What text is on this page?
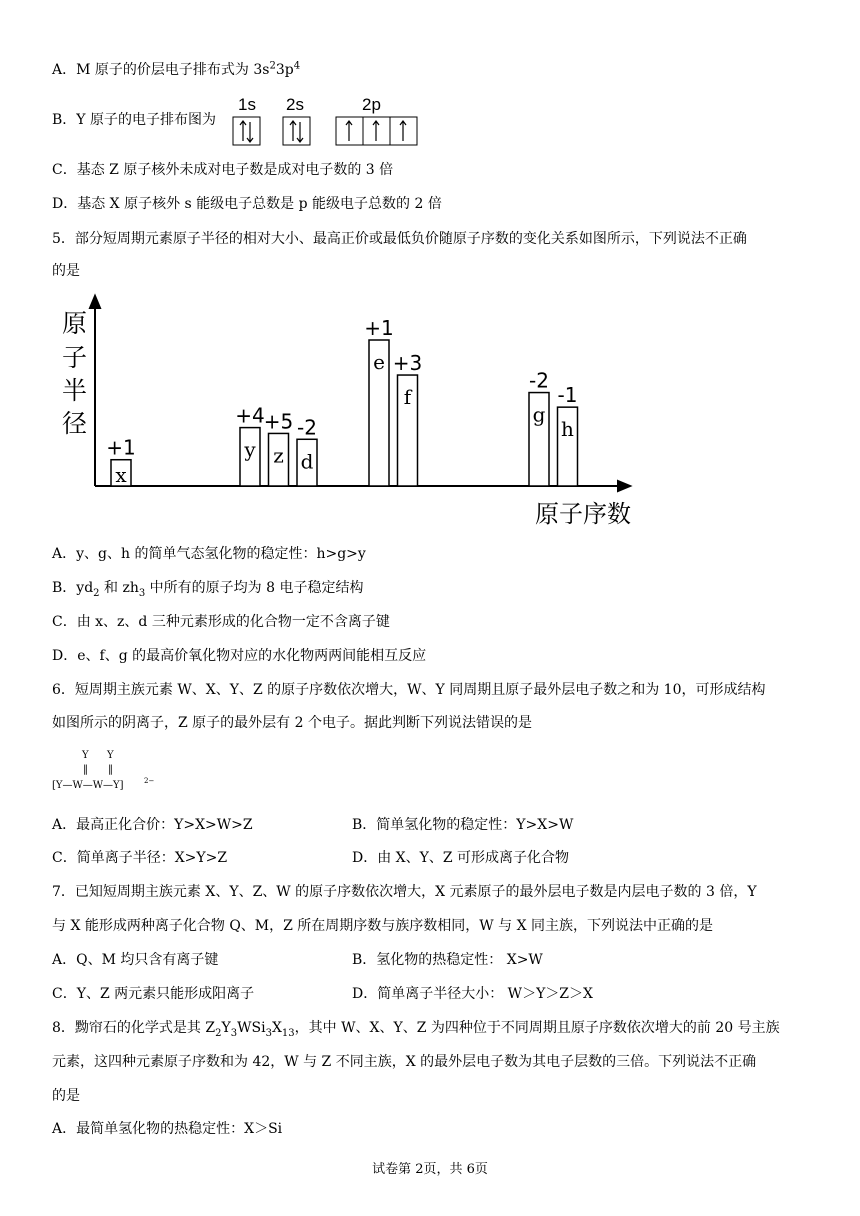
A．M 原子的价层电子排布式为 $3s^23p^4$
B．Y 原子的电子排布图为
1s 2s	2p
C．基态 Z 原子核外未成对电子数是成对电子数的 3 倍
D．基态 X 原子核外 s 能级电子总数是 p 能级电子总数的 2 倍
5．部分短周期元素原子半径的相对大小、最高正价或最低负价随原子序数的变化关系如图所示，下列说法不正确
的是
原
子
半
径
原子序数
x
+1	y
+4
z
+5
d
-2
e
+1
f
+3
g
-2
h
-1
A．y、g、h 的简单气态氢化物的稳定性：h>g>y
B．$yd_2$ 和 $zh_3$ 中所有的原子均为 8 电子稳定结构
C．由 x、z、d 三种元素形成的化合物一定不含离子键
D．e、f、g 的最高价氧化物对应的水化物两两间能相互反应
6．短周期主族元素 W、X、Y、Z 的原子序数依次增大，W、Y 同周期且原子最外层电子数之和为 10，可形成结构
如图所示的阴离子，Z 原子的最外层有 2 个电子。据此判断下列说法错误的是
Y Y
‖ ‖
[Y—W—W—Y]	2−
A．最高正化合价：Y>X>W>Z	B．简单氢化物的稳定性：Y>X>W
C．简单离子半径：X>Y>Z	D．由 X、Y、Z 可形成离子化合物
7．已知短周期主族元素 X、Y、Z、W 的原子序数依次增大，X 元素原子的最外层电子数是内层电子数的 3 倍，Y
与 X 能形成两种离子化合物 Q、M，Z 所在周期序数与族序数相同，W 与 X 同主族，下列说法中正确的是
A．Q、M 均只含有离子键	B．氢化物的热稳定性： X>W
C．Y、Z 两元素只能形成阳离子	D．简单离子半径大小： W＞Y＞Z＞X
8．黝帘石的化学式是其 $Z_2Y_3WSi_3X_{13}$，其中 W、X、Y、Z 为四种位于不同周期且原子序数依次增大的前 20 号主族
元素，这四种元素原子序数和为 42，W 与 Z 不同主族，X 的最外层电子数为其电子层数的三倍。下列说法不正确
的是
A．最简单氢化物的热稳定性：X＞Si
试卷第 2页，共 6页
